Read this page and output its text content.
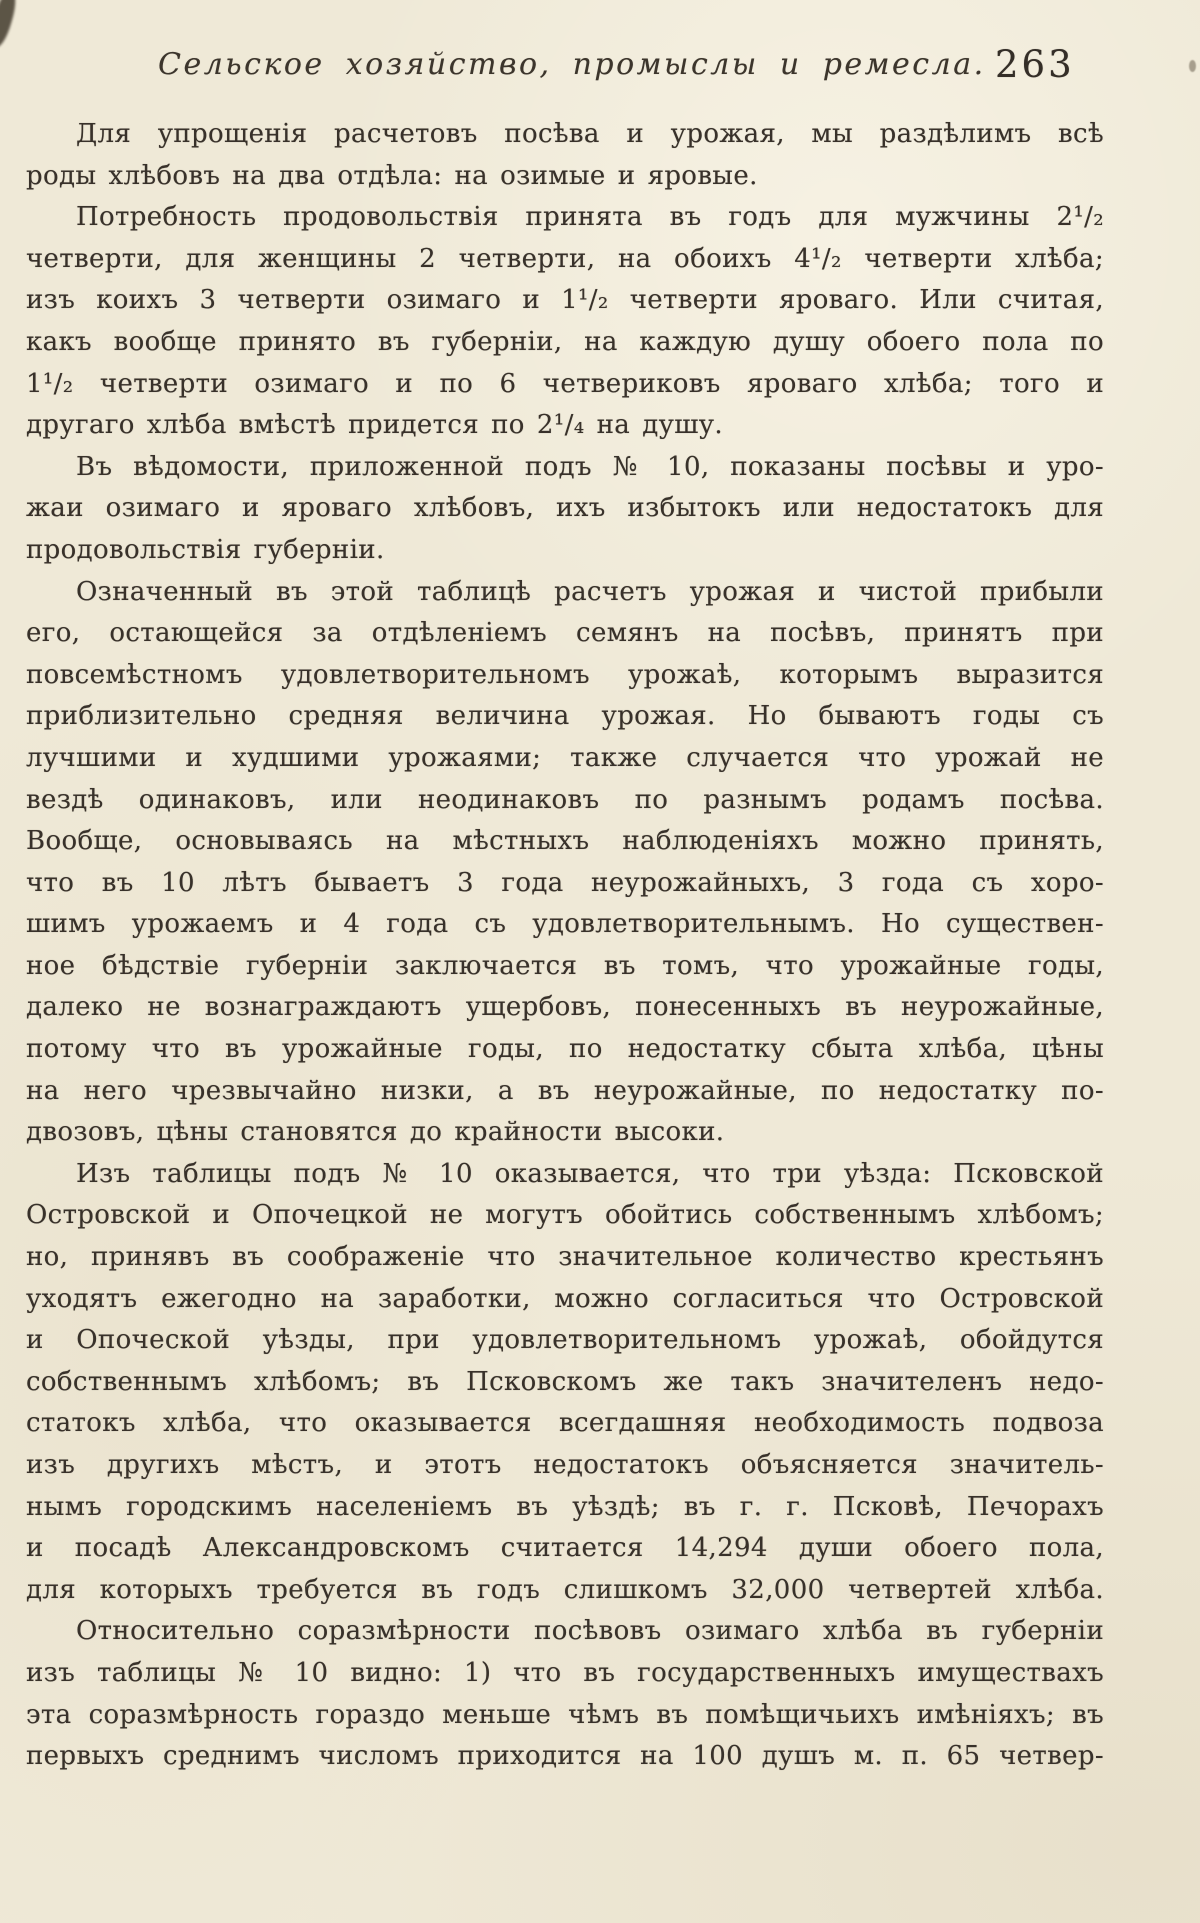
Сельское хозяйство, промыслы и ремесла. 263
Для упрощенія расчетовъ посѣва и урожая, мы раздѣлимъ всѣ
роды хлѣбовъ на два отдѣла: на озимые и яровые.
Потребность продовольствія принята въ годъ для мужчины 2¹/₂
четверти, для женщины 2 четверти, на обоихъ 4¹/₂ четверти хлѣба;
изъ коихъ 3 четверти озимаго и 1¹/₂ четверти яроваго. Или считая,
какъ вообще принято въ губерніи, на каждую душу обоего пола по
1¹/₂ четверти озимаго и по 6 четвериковъ яроваго хлѣба; того и
другаго хлѣба вмѣстѣ придется по 2¹/₄ на душу.
Въ вѣдомости, приложенной подъ № 10, показаны посѣвы и уро-
жаи озимаго и яроваго хлѣбовъ, ихъ избытокъ или недостатокъ для
продовольствія губерніи.
Означенный въ этой таблицѣ расчетъ урожая и чистой прибыли
его, остающейся за отдѣленіемъ семянъ на посѣвъ, принятъ при
повсемѣстномъ удовлетворительномъ урожаѣ, которымъ выразится
приблизительно средняя величина урожая. Но бываютъ годы съ
лучшими и худшими урожаями; также случается что урожай не
вездѣ одинаковъ, или неодинаковъ по разнымъ родамъ посѣва.
Вообще, основываясь на мѣстныхъ наблюденіяхъ можно принять,
что въ 10 лѣтъ бываетъ 3 года неурожайныхъ, 3 года съ хоро-
шимъ урожаемъ и 4 года съ удовлетворительнымъ. Но существен-
ное бѣдствіе губерніи заключается въ томъ, что урожайные годы,
далеко не вознаграждаютъ ущербовъ, понесенныхъ въ неурожайные,
потому что въ урожайные годы, по недостатку сбыта хлѣба, цѣны
на него чрезвычайно низки, а въ неурожайные, по недостатку по-
двозовъ, цѣны становятся до крайности высоки.
Изъ таблицы подъ № 10 оказывается, что три уѣзда: Псковской
Островской и Опочецкой не могутъ обойтись собственнымъ хлѣбомъ;
но, принявъ въ соображеніе что значительное количество крестьянъ
уходятъ ежегодно на заработки, можно согласиться что Островской
и Опоческой уѣзды, при удовлетворительномъ урожаѣ, обойдутся
собственнымъ хлѣбомъ; въ Псковскомъ же такъ значителенъ недо-
статокъ хлѣба, что оказывается всегдашняя необходимость подвоза
изъ другихъ мѣстъ, и этотъ недостатокъ объясняется значитель-
нымъ городскимъ населеніемъ въ уѣздѣ; въ г. г. Псковѣ, Печорахъ
и посадѣ Александровскомъ считается 14,294 души обоего пола,
для которыхъ требуется въ годъ слишкомъ 32,000 четвертей хлѣба.
Относительно соразмѣрности посѣвовъ озимаго хлѣба въ губерніи
изъ таблицы № 10 видно: 1) что въ государственныхъ имуществахъ
эта соразмѣрность гораздо меньше чѣмъ въ помѣщичьихъ имѣніяхъ; въ
первыхъ среднимъ числомъ приходится на 100 душъ м. п. 65 четвер-
